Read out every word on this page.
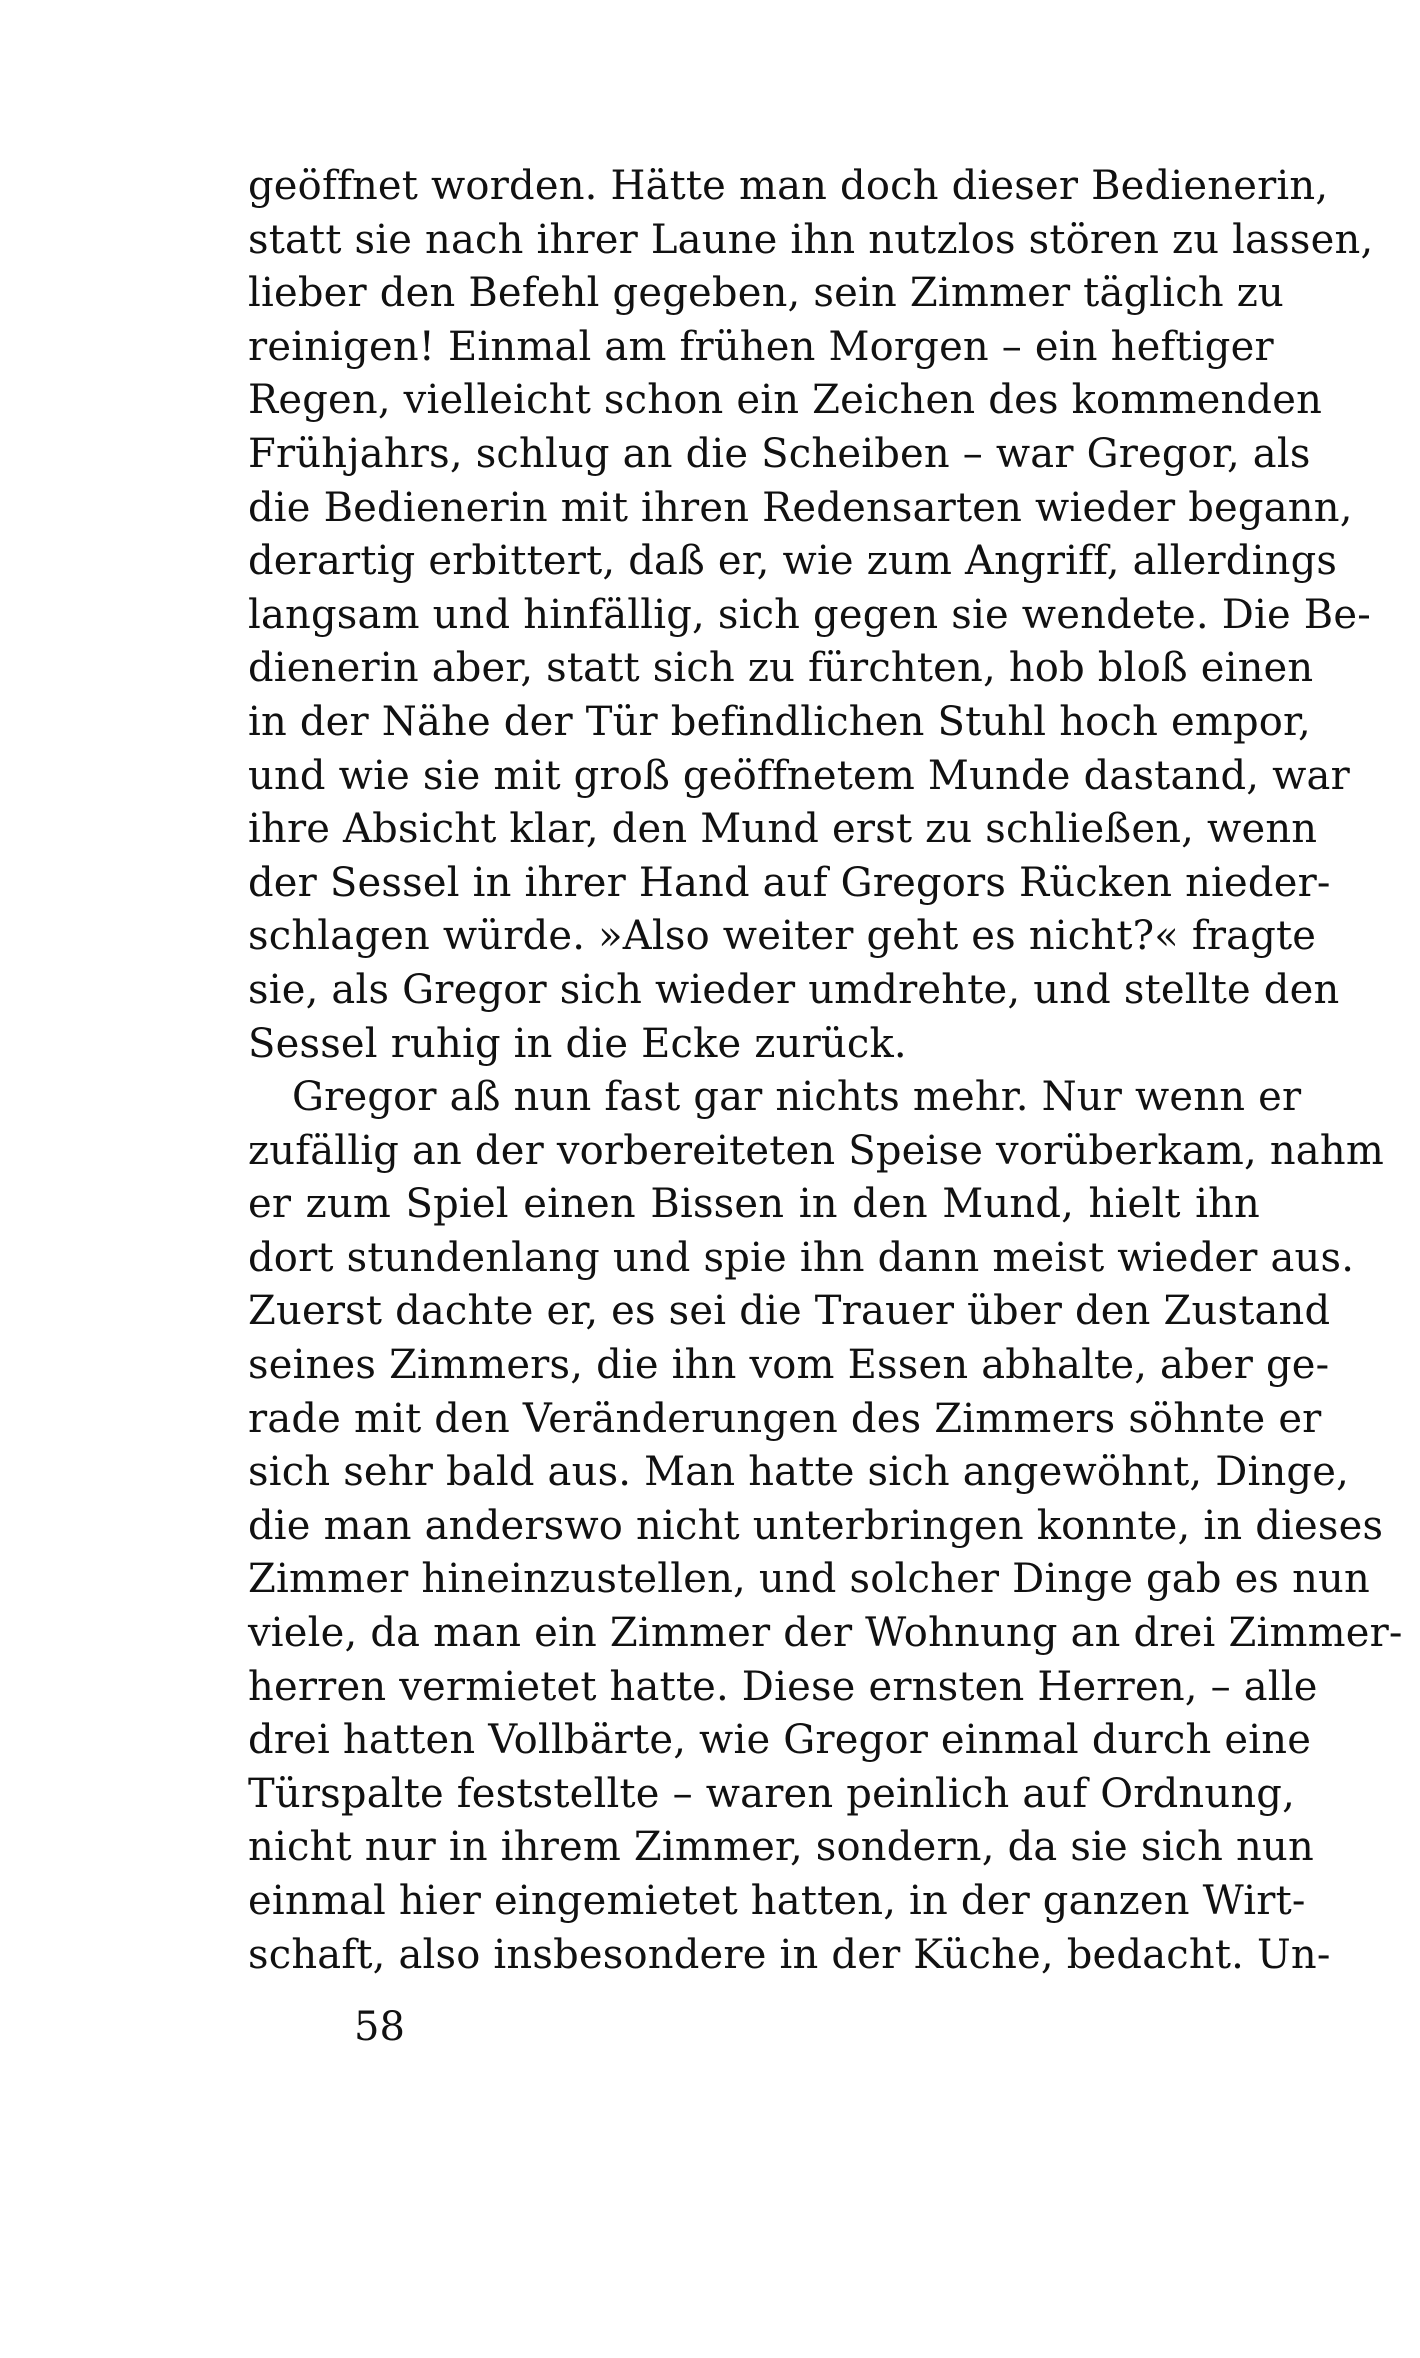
geöffnet worden. Hätte man doch dieser Bedienerin,
statt sie nach ihrer Laune ihn nutzlos stören zu lassen,
lieber den Befehl gegeben, sein Zimmer täglich zu
reinigen! Einmal am frühen Morgen – ein heftiger
Regen, vielleicht schon ein Zeichen des kommenden
Frühjahrs, schlug an die Scheiben – war Gregor, als
die Bedienerin mit ihren Redensarten wieder begann,
derartig erbittert, daß er, wie zum Angriff, allerdings
langsam und hinfällig, sich gegen sie wendete. Die Be-
dienerin aber, statt sich zu fürchten, hob bloß einen
in der Nähe der Tür befindlichen Stuhl hoch empor,
und wie sie mit groß geöffnetem Munde dastand, war
ihre Absicht klar, den Mund erst zu schließen, wenn
der Sessel in ihrer Hand auf Gregors Rücken nieder-
schlagen würde. »Also weiter geht es nicht?« fragte
sie, als Gregor sich wieder umdrehte, und stellte den
Sessel ruhig in die Ecke zurück.
Gregor aß nun fast gar nichts mehr. Nur wenn er
zufällig an der vorbereiteten Speise vorüberkam, nahm
er zum Spiel einen Bissen in den Mund, hielt ihn
dort stundenlang und spie ihn dann meist wieder aus.
Zuerst dachte er, es sei die Trauer über den Zustand
seines Zimmers, die ihn vom Essen abhalte, aber ge-
rade mit den Veränderungen des Zimmers söhnte er
sich sehr bald aus. Man hatte sich angewöhnt, Dinge,
die man anderswo nicht unterbringen konnte, in dieses
Zimmer hineinzustellen, und solcher Dinge gab es nun
viele, da man ein Zimmer der Wohnung an drei Zimmer-
herren vermietet hatte. Diese ernsten Herren, – alle
drei hatten Vollbärte, wie Gregor einmal durch eine
Türspalte feststellte – waren peinlich auf Ordnung,
nicht nur in ihrem Zimmer, sondern, da sie sich nun
einmal hier eingemietet hatten, in der ganzen Wirt-
schaft, also insbesondere in der Küche, bedacht. Un-
58
